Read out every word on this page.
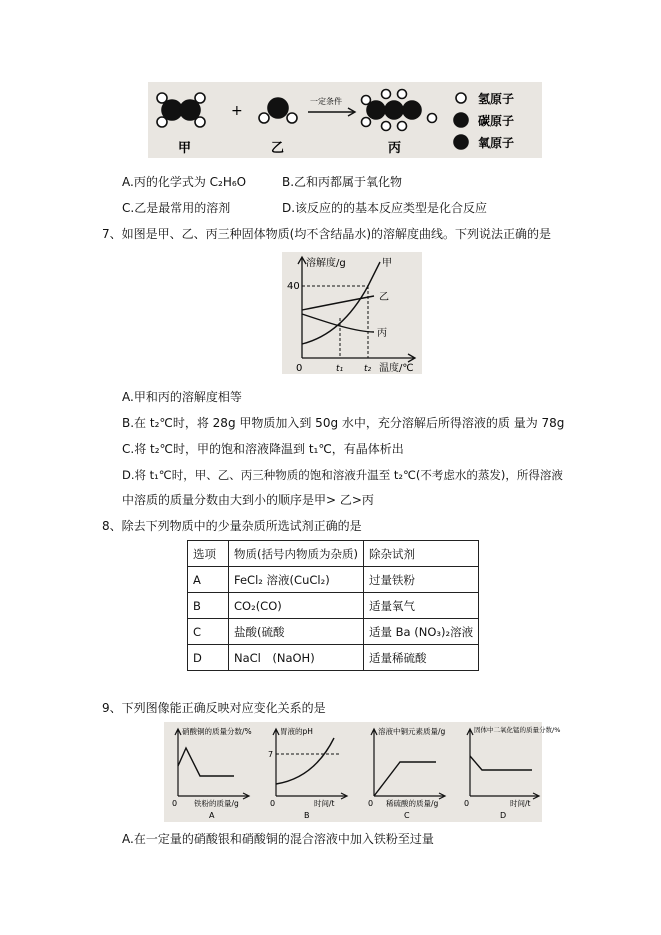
+
一定条件
甲	乙	丙
氢原子
碳原子
氧原子
A.丙的化学式为 C₂H₆O	B.乙和丙都属于氧化物
C.乙是最常用的溶剂	D.该反应的的基本反应类型是化合反应
7、如图是甲、乙、丙三种固体物质(均不含结晶水)的溶解度曲线。下列说法正确的是
溶解度/g
40
0	t₁ t₂ 温度/℃
甲
乙
丙
A.甲和丙的溶解度相等
B.在 t₂℃时，将 28g 甲物质加入到 50g 水中，充分溶解后所得溶液的质 量为 78g
C.将 t₂℃时，甲的饱和溶液降温到 t₁℃，有晶体析出
D.将 t₁℃时，甲、乙、丙三种物质的饱和溶液升温至 t₂℃(不考虑水的蒸发)，所得溶液
中溶质的质量分数由大到小的顺序是甲> 乙>丙
8、除去下列物质中的少量杂质所选试剂正确的是
选项	物质(括号内物质为杂质)	除杂试剂
A	FeCl₂ 溶液(CuCl₂)	过量铁粉
B	CO₂(CO)	适量氧气
C	盐酸(硫酸	适量 Ba (NO₃)₂溶液
D	NaCl　(NaOH)	适量稀硫酸
9、下列图像能正确反映对应变化关系的是
硝酸铜的质量分数/%
0 铁粉的质量/g
A
胃液的pH
7
0	时间/t
B
溶液中铜元素质量/g
0 稀硫酸的质量/g
C
固体中二氧化锰的质量分数/%
0	时间/t
D
A.在一定量的硝酸银和硝酸铜的混合溶液中加入铁粉至过量
